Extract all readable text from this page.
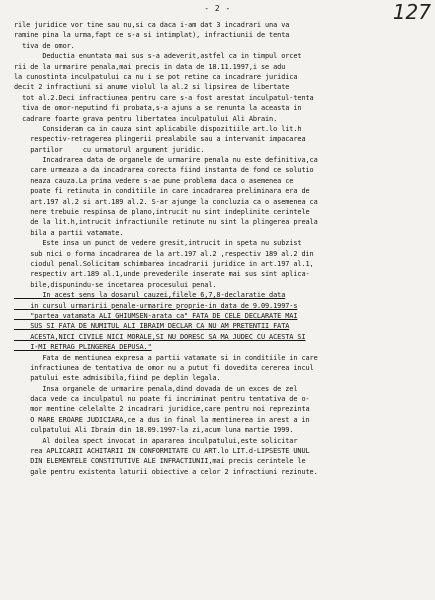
- 2 -	127
rile juridice vor tine sau nu,si ca daca i-am dat 3 incadrari una va
ramine pina la urma,fapt ce s-a si intimplat), infractiunii de tenta
tiva de omor.
Deductia enuntata mai sus s-a adeverit,astfel ca in timpul orcet
rii de la urmarire penala,mai precis in data de 18.11.1997,i se adu
la cunostinta inculpatului ca nu i se pot retine ca incadrare juridica
decit 2 infractiuni si anume violul la al.2 si lipsirea de libertate
tot al.2.Deci infractiunea pentru care s-a fost arestat inculpatul-tenta
tiva de omor-neputind fi probata,s-a ajuns a se renunta la aceasta in
cadrare foarte grava pentru libertatea inculpatului Ali Abrain.
Consideram ca in cauza sint aplicabile dispozitiile art.lo lit.h
respectiv-retragerea plingerii prealabile sau a intervanit impacarea
partilor     cu urmatorul argument juridic.
Incadrarea data de organele de urmarire penala nu este definitiva,ca
care urmeaza a da incadrarea corecta fiind instanta de fond ce solutio
neaza cauza.La prima vedere s-ae pune problema daca o asemenea ce
poate fi retinuta in conditiile in care incadrarea preliminara era de
art.197 al.2 si art.189 al.2. S-ar ajunge la concluzia ca o asemenea ca
nere trebuie respinsa de plano,intrucit nu sint indeplinite cerintele
de la lit.h,intrucit infractiunile retinute nu sint la plingerea preala
bila a partii vatamate.
Este insa un punct de vedere gresit,intrucit in speta nu subzist
sub nici o forma incadrarea de la art.197 al.2 ,respectiv 189 al.2 din
ciodul penal.Solicitam schimbarea incadrarii juridice in art.197 al.1,
respectiv art.189 al.1,unde prevederile inserate mai sus sint aplica-
bile,dispunindu-se incetarea procesului penal.
In acest sens la dosarul cauzei,filele 6,7,8-declaratie data
in cursul urmaririi penale-urmarire proprie-in data de 9.09.1997-s
"partea vatamata ALI GHIUMSEN-arata ca" FATA DE CELE DECLARATE MAI
SUS SI FATA DE NUMITUL ALI IBRAIM DECLAR CA NU AM PRETENTII FATA
ACESTA,NICI CIVILE NICI MORALE,SI NU DORESC SA MA JUDEC CU ACESTA SI
I-MI RETRAG PLINGEREA DEPUSA."
Fata de mentiunea expresa a partii vatamate si in conditiile in care
infractiunea de tentativa de omor nu a putut fi dovedita cererea incul
patului este admisibila,fiind pe deplin legala.
Insa organele de urmarire penala,dind dovada de un exces de zel
daca vede ca inculpatul nu poate fi incriminat pentru tentativa de o-
mor mentine celelalte 2 incadrari juridice,care pentru noi reprezinta
O MARE EROARE JUDICIARA,ce a dus in final la mentinerea in arest a in
culpatului Ali Ibraim din 18.09.1997-la zi,acum luna martie 1999.
Al doilea spect invocat in apararea inculpatului,este solicitar
rea APLICARII ACHITARII IN CONFORMITATE CU ART.lo LIT.d-LIPSESTE UNUL
DIN ELEMENTELE CONSTITUTIVE ALE INFRACTIUNII,mai precis cerintele le
gale pentru existenta laturii obiective a celor 2 infractiuni rezinute.
